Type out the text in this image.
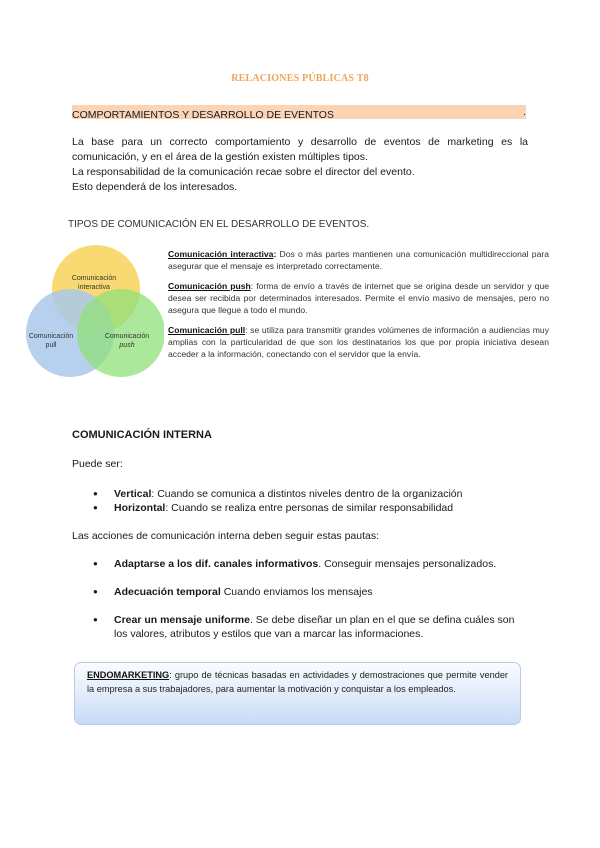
RELACIONES PÚBLICAS T8
COMPORTAMIENTOS Y DESARROLLO DE EVENTOS	.

La base para un correcto comportamiento y desarrollo de eventos de marketing es la comunicación, y en el área de la gestión existen múltiples tipos.

La responsabilidad de la comunicación recae sobre el director del evento.

Esto dependerá de los interesados.

TIPOS DE COMUNICACIÓN EN EL DESARROLLO DE EVENTOS.
Comunicación
interactiva
Comunicación
pull
Comunicación
push

Comunicación interactiva: Dos o más partes mantienen una comunicación multidireccional para asegurar que el mensaje es interpretado correctamente.

Comunicación push: forma de envío a través de internet que se origina desde un servidor y que desea ser recibida por determinados interesados. Permite el envío masivo de mensajes, pero no asegura que llegue a todo el mundo.

Comunicación pull: se utiliza para transmitir grandes volúmenes de información a audiencias muy amplias con la particularidad de que son los destinatarios los que por propia iniciativa desean acceder a la información, conectando con el servidor que la envía.

COMUNICACIÓN INTERNA
Puede ser:
● Vertical: Cuando se comunica a distintos niveles dentro de la organización
● Horizontal: Cuando se realiza entre personas de similar responsabilidad
Las acciones de comunicación interna deben seguir estas pautas:
● Adaptarse a los dif. canales informativos. Conseguir mensajes personalizados.
● Adecuación temporal Cuando enviamos los mensajes
● Crear un mensaje uniforme. Se debe diseñar un plan en el que se defina cuáles son los valores, atributos y estilos que van a marcar las informaciones.
ENDOMARKETING: grupo de técnicas basadas en actividades y demostraciones que permite vender la empresa a sus trabajadores, para aumentar la motivación y conquistar a los empleados.
